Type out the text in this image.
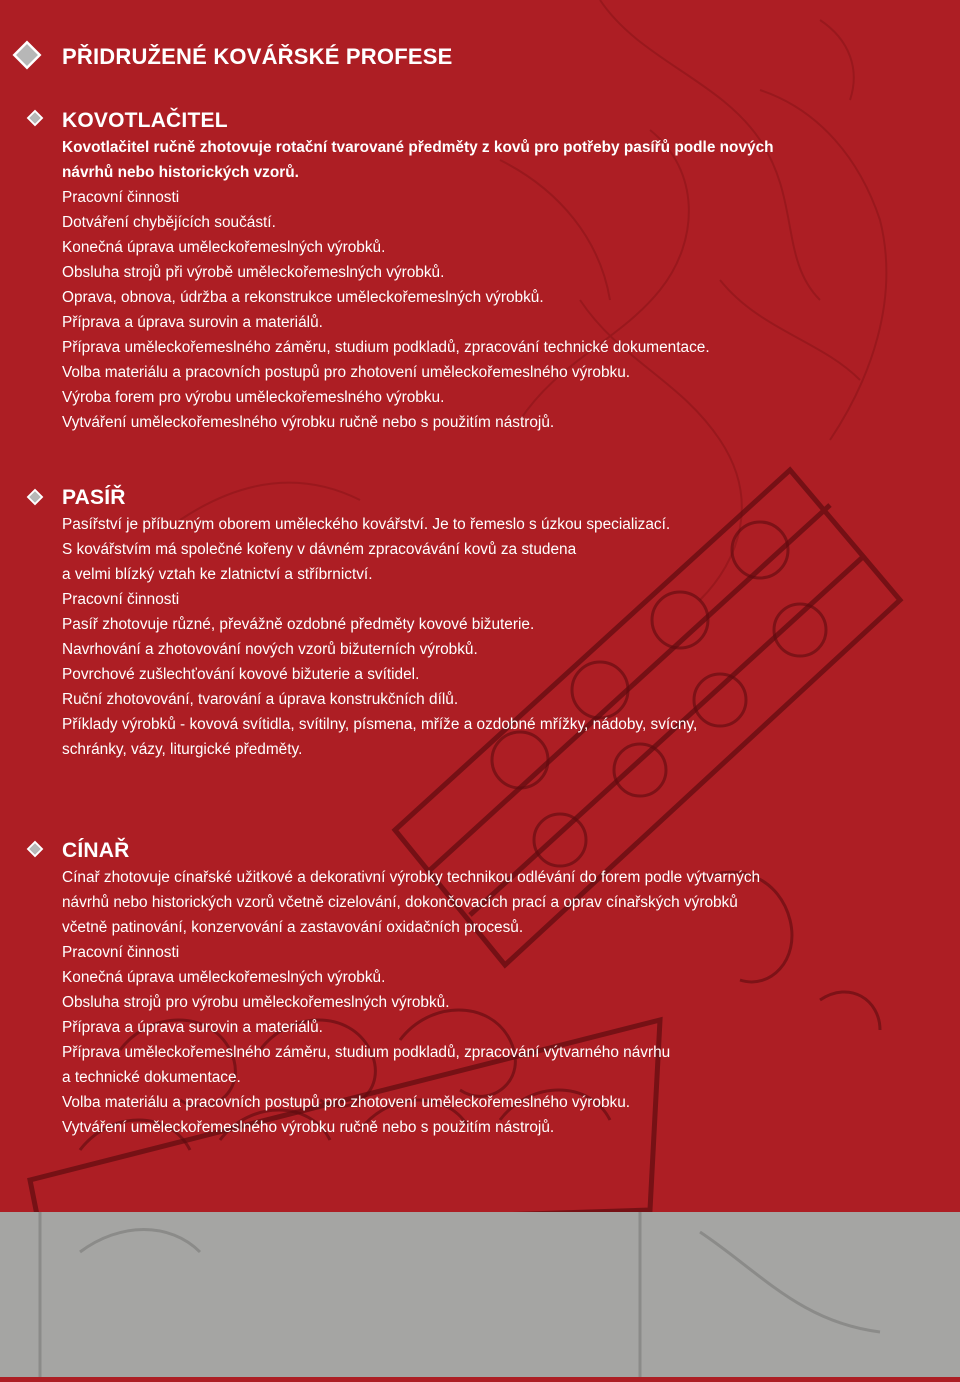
PŘIDRUŽENÉ KOVÁŘSKÉ PROFESE
KOVOTLAČITEL
Kovotlačitel ručně zhotovuje rotační tvarované předměty z kovů pro potřeby pasířů podle nových
návrhů nebo historických vzorů.
Pracovní činnosti
Dotváření chybějících součástí.
Konečná úprava uměleckořemeslných výrobků.
Obsluha strojů při výrobě uměleckořemeslných výrobků.
Oprava, obnova, údržba a rekonstrukce uměleckořemeslných výrobků.
Příprava a úprava surovin a materiálů.
Příprava uměleckořemeslného záměru, studium podkladů, zpracování technické dokumentace.
Volba materiálu a pracovních postupů pro zhotovení uměleckořemeslného výrobku.
Výroba forem pro výrobu uměleckořemeslného výrobku.
Vytváření uměleckořemeslného výrobku ručně nebo s použitím nástrojů.
PASÍŘ
Pasířství je příbuzným oborem uměleckého kovářství. Je to řemeslo s úzkou specializací.
S kovářstvím má společné kořeny v dávném zpracovávání kovů za studena
a velmi blízký vztah ke zlatnictví a stříbrnictví.
Pracovní činnosti
Pasíř zhotovuje různé, převážně ozdobné předměty kovové bižuterie.
Navrhování a zhotovování nových vzorů bižuterních výrobků.
Povrchové zušlechťování kovové bižuterie a svítidel.
Ruční zhotovování, tvarování a úprava konstrukčních dílů.
Příklady výrobků - kovová svítidla, svítilny, písmena, mříže a ozdobné mřížky, nádoby, svícny,
schránky, vázy, liturgické předměty.
CÍNAŘ
Cínař zhotovuje cínařské užitkové a dekorativní výrobky technikou odlévání do forem podle výtvarných
návrhů nebo historických vzorů včetně cizelování, dokončovacích prací a oprav cínařských výrobků
včetně patinování, konzervování a zastavování oxidačních procesů.
Pracovní činnosti
Konečná úprava uměleckořemeslných výrobků.
Obsluha strojů pro výrobu uměleckořemeslných výrobků.
Příprava a úprava surovin a materiálů.
Příprava uměleckořemeslného záměru, studium podkladů, zpracování výtvarného návrhu
a technické dokumentace.
Volba materiálu a pracovních postupů pro zhotovení uměleckořemeslného výrobku.
Vytváření uměleckořemeslného výrobku ručně nebo s použitím nástrojů.
